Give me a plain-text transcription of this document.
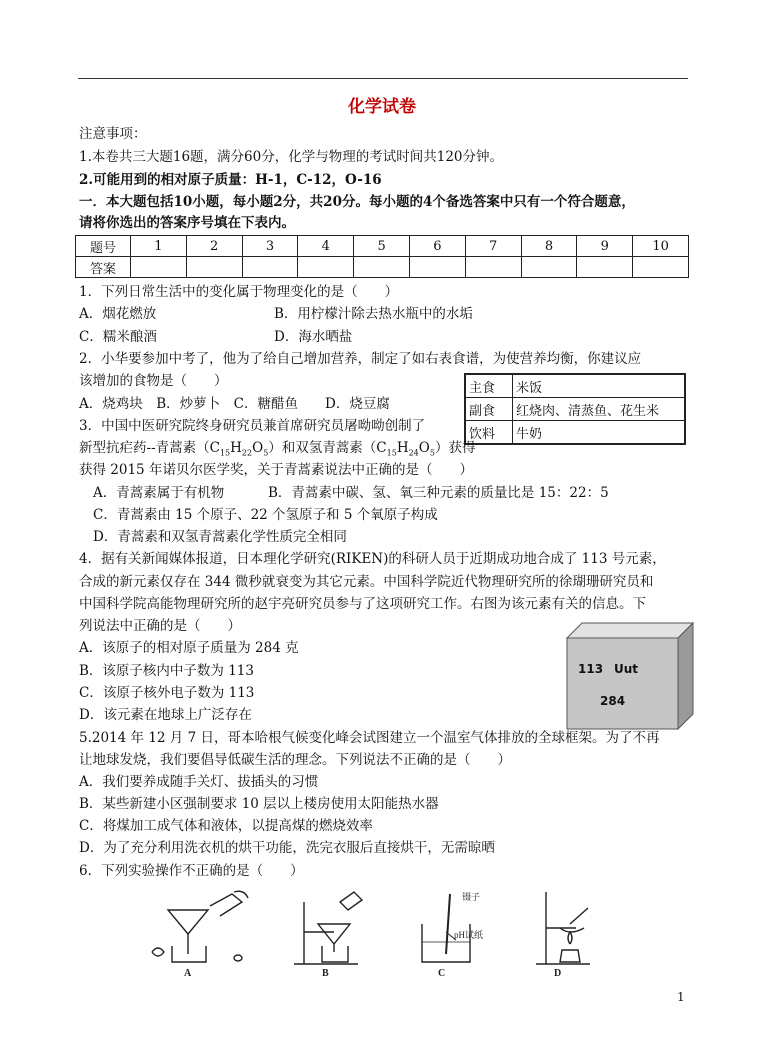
化学试卷
注意事项：
1.本卷共三大题16题，满分60分，化学与物理的考试时间共120分钟。
2.可能用到的相对原子质量：H-1，C-12，O-16
一．本大题包括10小题，每小题2分，共20分。每小题的4个备选答案中只有一个符合题意，
请将你选出的答案序号填在下表内。
题号	1	2	3	4	5	6	7	8	9	10
答案										
1．下列日常生活中的变化属于物理变化的是（　　）
A．烟花燃放	B．用柠檬汁除去热水瓶中的水垢
C．糯米酿酒	D．海水晒盐
2．小华要参加中考了，他为了给自己增加营养，制定了如右表食谱，为使营养均衡，你建议应
该增加的食物是（　　）
A．烧鸡块　B．炒萝卜　C．糖醋鱼　　D．烧豆腐
主食	米饭
副食	红烧肉、清蒸鱼、花生米
饮料	牛奶
3．中国中医研究院终身研究员兼首席研究员屠呦呦创制了
新型抗疟药--青蒿素$(C_{15}H_{22}O_5)$和双氢青蒿素$(C_{15}H_{24}O_5)$获得
获得 2015 年诺贝尔医学奖，关于青蒿素说法中正确的是（　　）
A．青蒿素属于有机物	B．青蒿素中碳、氢、氧三种元素的质量比是 15：22：5
C．青蒿素由 15 个原子、22 个氢原子和 5 个氧原子构成
D．青蒿素和双氢青蒿素化学性质完全相同
4．据有关新闻媒体报道，日本理化学研究(RIKEN)的科研人员于近期成功地合成了 113 号元素，
合成的新元素仅存在 344 微秒就衰变为其它元素。中国科学院近代物理研究所的徐瑚珊研究员和
中国科学院高能物理研究所的赵宇亮研究员参与了这项研究工作。右图为该元素有关的信息。下
列说法中正确的是（　　）
A．该原子的相对原子质量为 284 克
B．该原子核内中子数为 113
C．该原子核外电子数为 113
D．该元素在地球上广泛存在
113 Uut
284
5.2014 年 12 月 7 日，哥本哈根气候变化峰会试图建立一个温室气体排放的全球框架。为了不再
让地球发烧，我们要倡导低碳生活的理念。下列说法不正确的是（　　）
A．我们要养成随手关灯、拔插头的习惯
B．某些新建小区强制要求 10 层以上楼房使用太阳能热水器
C．将煤加工成气体和液体，以提高煤的燃烧效率
D．为了充分利用洗衣机的烘干功能，洗完衣服后直接烘干，无需晾晒
6．下列实验操作不正确的是（　　）
A	B
镊子
pH试纸
C	D
1
